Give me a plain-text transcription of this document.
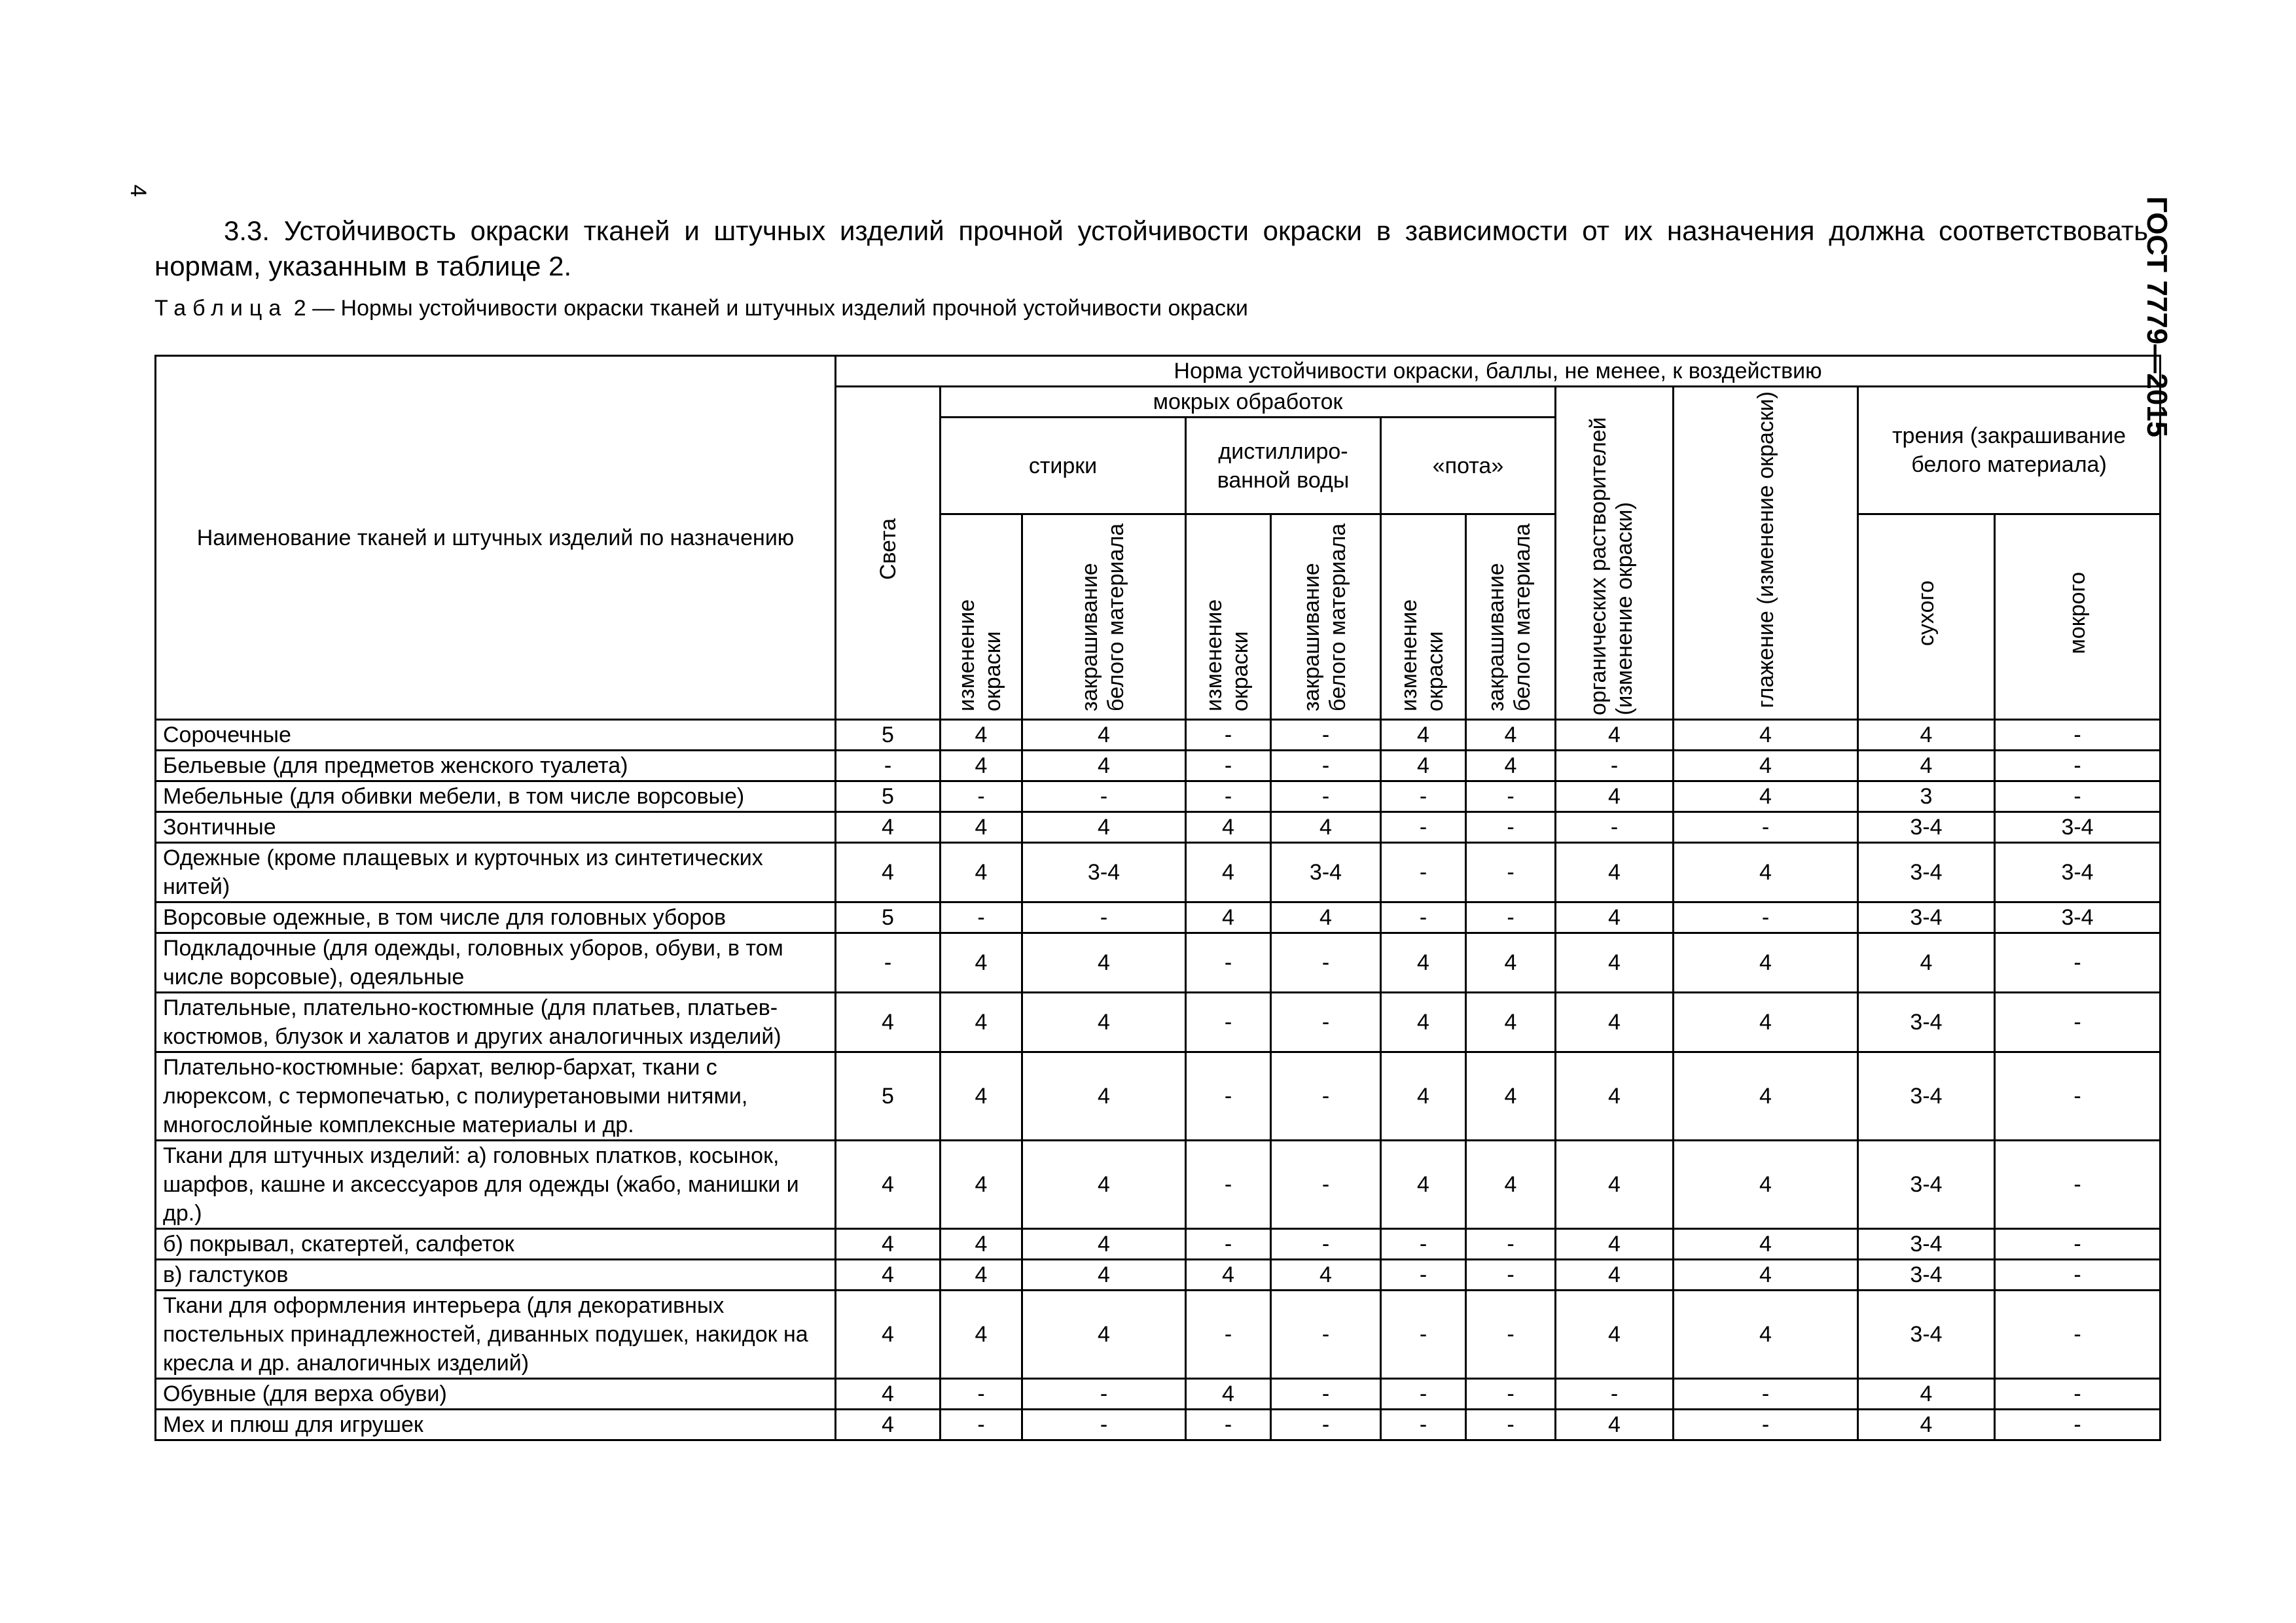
4
ГОСТ 7779—2015

3.3. Устойчивость окраски тканей и штучных изделий прочной устойчивости окраски в зависимости от их назначения должна соответствовать нормам, указанным в таблице 2.

Таблица 2 — Нормы устойчивости окраски тканей и штучных изделий прочной устойчивости окраски

Наименование тканей и штучных изделий по назначению	Норма устойчивости окраски, баллы, не менее, к воздействию										
	Света	мокрых обработок						органических растворителей (изменение окраски)	глажение (изменение окраски)	трения (закрашивание белого материала)	
		стирки		дистиллиро-ванной воды		«пота»					
		изменение окраски	закрашивание белого материала	изменение окраски	закрашивание белого материала	изменение окраски	закрашивание белого материала			сухого	мокрого
Сорочечные	5	4	4	-	-	4	4	4	4	4	-
Бельевые (для предметов женского туалета)	-	4	4	-	-	4	4	-	4	4	-
Мебельные (для обивки мебели, в том числе ворсовые)	5	-	-	-	-	-	-	4	4	3	-
Зонтичные	4	4	4	4	4	-	-	-	-	3-4	3-4
Одежные (кроме плащевых и курточных из синтетических нитей)	4	4	3-4	4	3-4	-	-	4	4	3-4	3-4
Ворсовые одежные, в том числе для головных уборов	5	-	-	4	4	-	-	4	-	3-4	3-4
Подкладочные (для одежды, головных уборов, обуви, в том числе ворсовые), одеяльные	-	4	4	-	-	4	4	4	4	4	-
Плательные, плательно-костюмные (для платьев, платьев-костюмов, блузок и халатов и других аналогичных изделий)	4	4	4	-	-	4	4	4	4	3-4	-
Плательно-костюмные: бархат, велюр-бархат, ткани с люрексом, с термопечатью, с полиуретановыми нитями, многослойные комплексные материалы и др.	5	4	4	-	-	4	4	4	4	3-4	-
Ткани для штучных изделий: а) головных платков, косынок, шарфов, кашне и аксессуаров для одежды (жабо, манишки и др.)	4	4	4	-	-	4	4	4	4	3-4	-
б) покрывал, скатертей, салфеток	4	4	4	-	-	-	-	4	4	3-4	-
в) галстуков	4	4	4	4	4	-	-	4	4	3-4	-
Ткани для оформления интерьера (для декоративных постельных принадлежностей, диванных подушек, накидок на кресла и др. аналогичных изделий)	4	4	4	-	-	-	-	4	4	3-4	-
Обувные (для верха обуви)	4	-	-	4	-	-	-	-	-	4	-
Мех и плюш для игрушек	4	-	-	-	-	-	-	4	-	4	-
